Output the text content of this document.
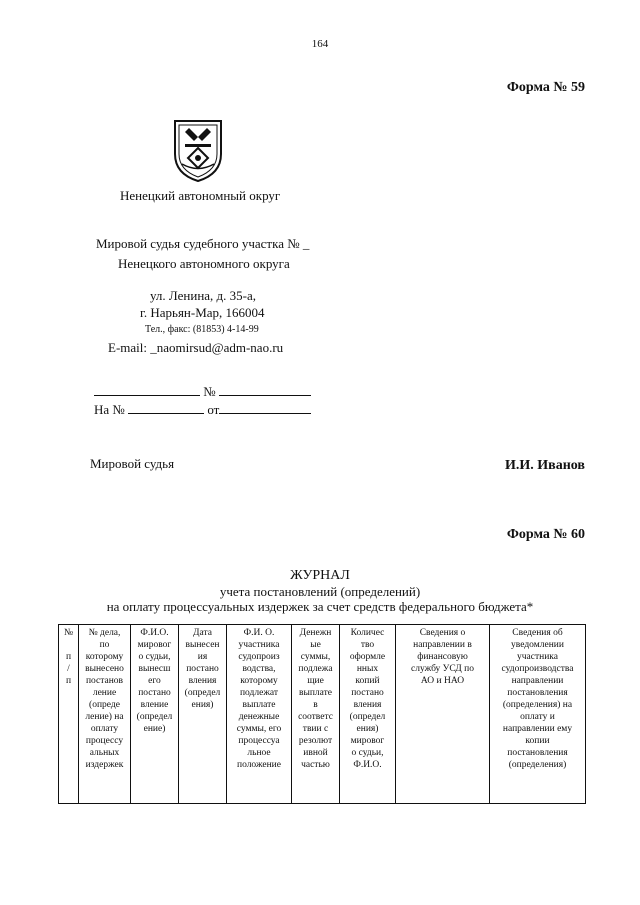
164
Форма № 59
Ненецкий автономный округ
Мировой судья судебного участка № _
Ненецкого автономного округа
ул. Ленина, д. 35-а,
г. Нарьян-Мар, 166004
Тел., факс: (81853) 4-14-99
E-mail: _naomirsud@adm-nao.ru
№
На №	от
Мировой судья	И.И. Иванов
Форма № 60
ЖУРНАЛ
учета постановлений (определений)
на оплату процессуальных издержек за счет средств федерального бюджета*
№

п
/
п

№ дела,
по
которому
вынесено
постанов
ление
(опреде
ление) на
оплату
процессу
альных
издержек

Ф.И.О.
мировог
о судьи,
вынесш
его
постано
вление
(определ
ение)

Дата
вынесен
ия
постано
вления
(определ
ения)

Ф.И. О.
участника
судопроиз
водства,
которому
подлежат
выплате
денежные
суммы, его
процессуа
льное
положение

Денежн
ые
суммы,
подлежа
щие
выплате
в
соответс
твии с
резолют
ивной
частью

Количес
тво
оформле
нных
копий
постано
вления
(определ
ения)
мировог
о судьи,
Ф.И.О.

Сведения о
направлении в
финансовую
службу УСД по
АО и НАО

Сведения об
уведомлении
участника
судопроизводства
направлении
постановления
(определения) на
оплату и
направлении ему
копии
постановления
(определения)
